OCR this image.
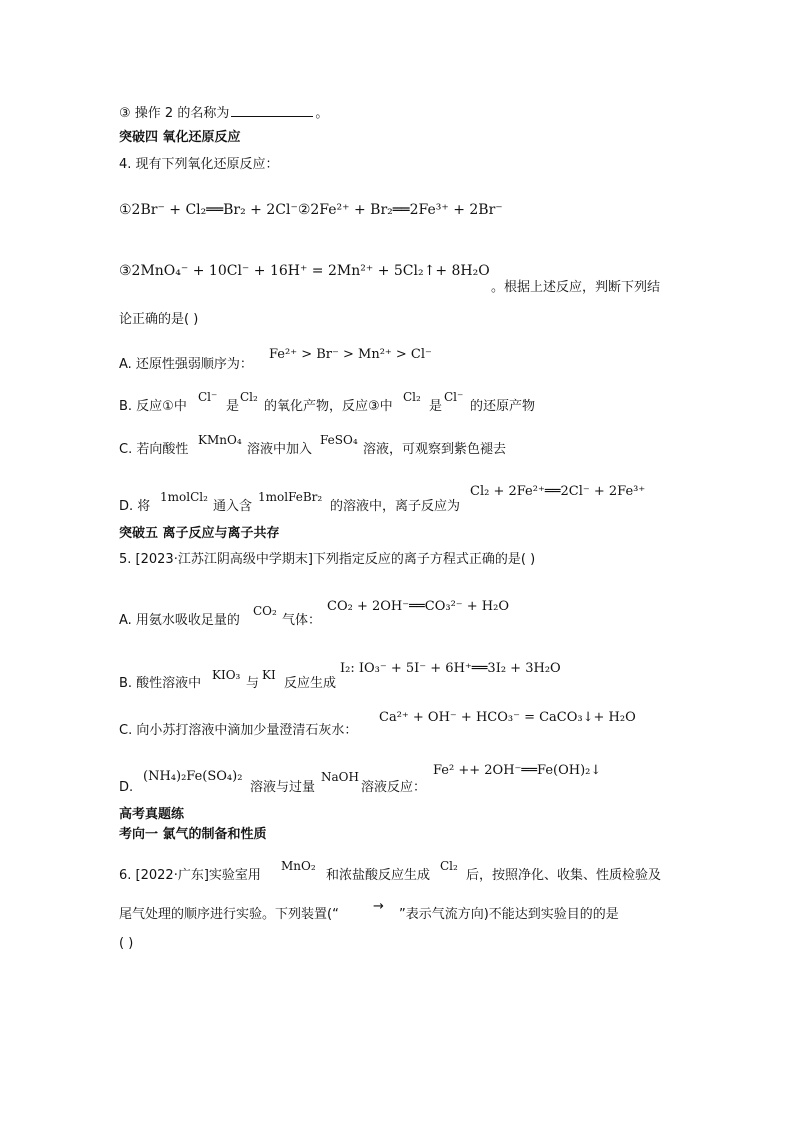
③ 操作 2 的名称为	。
突破四 氧化还原反应
4. 现有下列氧化还原反应：
①2Br⁻ + Cl₂══Br₂ + 2Cl⁻②2Fe²⁺ + Br₂══2Fe³⁺ + 2Br⁻
③2MnO₄⁻ + 10Cl⁻ + 16H⁺ = 2Mn²⁺ + 5Cl₂↑+ 8H₂O
。根据上述反应，判断下列结
论正确的是( )
A. 还原性强弱顺序为：
Fe²⁺ > Br⁻ > Mn²⁺ > Cl⁻
B. 反应①中
Cl⁻
是
Cl₂
的氧化产物，反应③中
Cl₂
是
Cl⁻
的还原产物
C. 若向酸性
KMnO₄
溶液中加入
FeSO₄
溶液，可观察到紫色褪去
D. 将
1molCl₂
通入含
1molFeBr₂
的溶液中，离子反应为
Cl₂ + 2Fe²⁺══2Cl⁻ + 2Fe³⁺
突破五 离子反应与离子共存
5. [2023·江苏江阴高级中学期末]下列指定反应的离子方程式正确的是( )
A. 用氨水吸收足量的
CO₂
气体：
CO₂ + 2OH⁻══CO₃²⁻ + H₂O
B. 酸性溶液中
KIO₃
与
KI
反应生成
I₂: IO₃⁻ + 5I⁻ + 6H⁺══3I₂ + 3H₂O
C. 向小苏打溶液中滴加少量澄清石灰水：
Ca²⁺ + OH⁻ + HCO₃⁻ = CaCO₃↓+ H₂O
D.
(NH₄)₂Fe(SO₄)₂
溶液与过量
NaOH
溶液反应：
Fe² ++ 2OH⁻══Fe(OH)₂↓
高考真题练
考向一 氯气的制备和性质
6. [2022·广东]实验室用
MnO₂
和浓盐酸反应生成
Cl₂
后，按照净化、收集、性质检验及
尾气处理的顺序进行实验。下列装置(“
→
”表示气流方向)不能达到实验目的的是
( )
